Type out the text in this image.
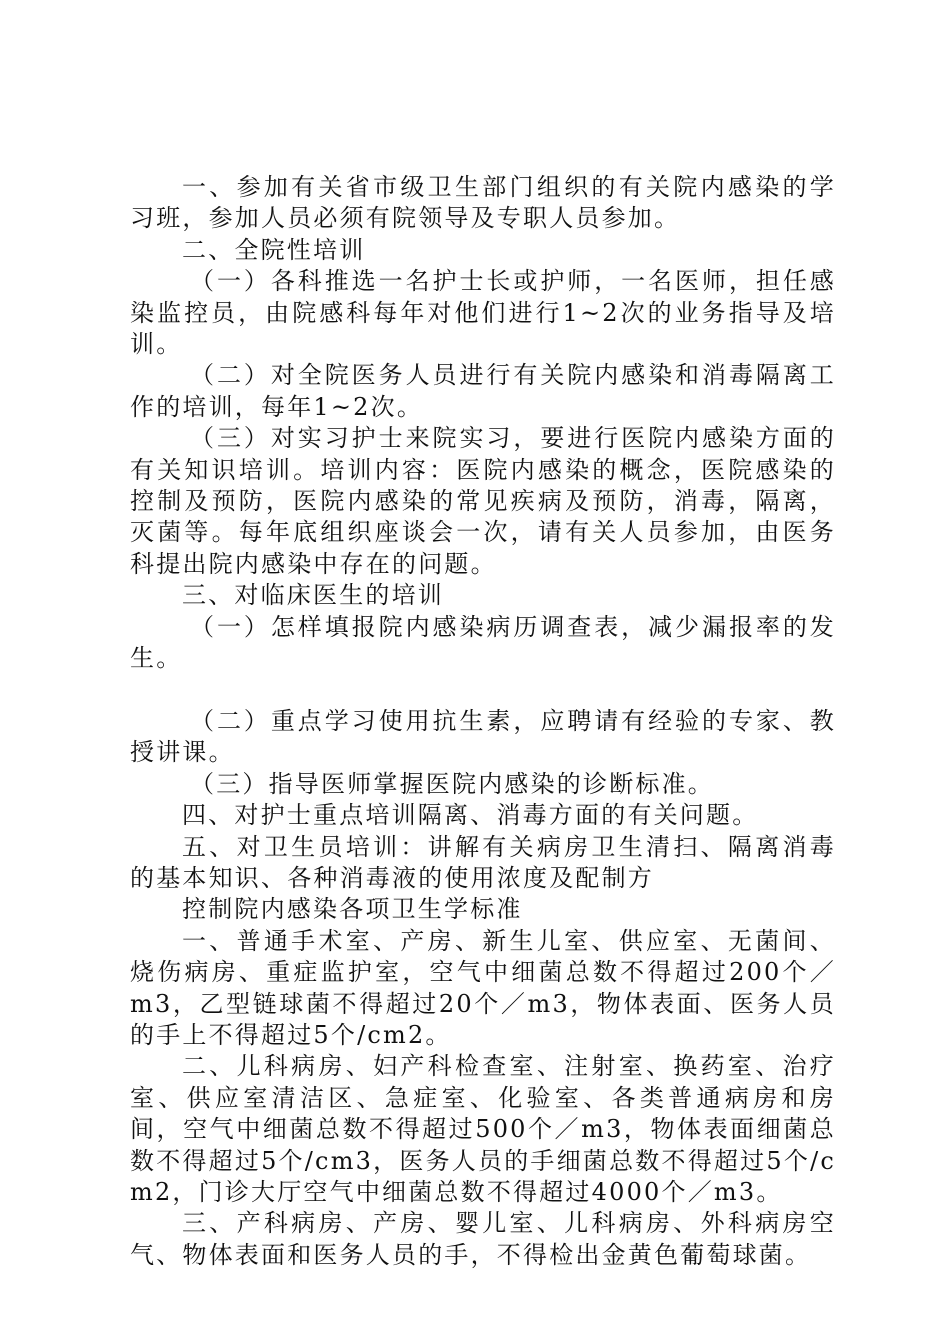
一、参加有关省市级卫生部门组织的有关院内感染的学习班，参加人员必须有院领导及专职人员参加。

二、全院性培训

（一）各科推选一名护士长或护师，一名医师，担任感染监控员，由院感科每年对他们进行1~2次的业务指导及培训。

（二）对全院医务人员进行有关院内感染和消毒隔离工作的培训，每年1~2次。

（三）对实习护士来院实习，要进行医院内感染方面的有关知识培训。培训内容：医院内感染的概念，医院感染的控制及预防，医院内感染的常见疾病及预防，消毒，隔离，灭菌等。每年底组织座谈会一次，请有关人员参加，由医务科提出院内感染中存在的问题。

三、对临床医生的培训

（一）怎样填报院内感染病历调查表，减少漏报率的发生。

（二）重点学习使用抗生素，应聘请有经验的专家、教授讲课。

（三）指导医师掌握医院内感染的诊断标准。

四、对护士重点培训隔离、消毒方面的有关问题。

五、对卫生员培训：讲解有关病房卫生清扫、隔离消毒的基本知识、各种消毒液的使用浓度及配制方

控制院内感染各项卫生学标准

一、普通手术室、产房、新生儿室、供应室、无菌间、烧伤病房、重症监护室，空气中细菌总数不得超过200个／m3，乙型链球菌不得超过20个／m3，物体表面、医务人员的手上不得超过5个/cm2。

二、儿科病房、妇产科检查室、注射室、换药室、治疗室、供应室清洁区、急症室、化验室、各类普通病房和房间，空气中细菌总数不得超过500个／m3，物体表面细菌总数不得超过5个/cm3，医务人员的手细菌总数不得超过5个/cm2，门诊大厅空气中细菌总数不得超过4000个／m3。

三、产科病房、产房、婴儿室、儿科病房、外科病房空气、物体表面和医务人员的手，不得检出金黄色葡萄球菌。
